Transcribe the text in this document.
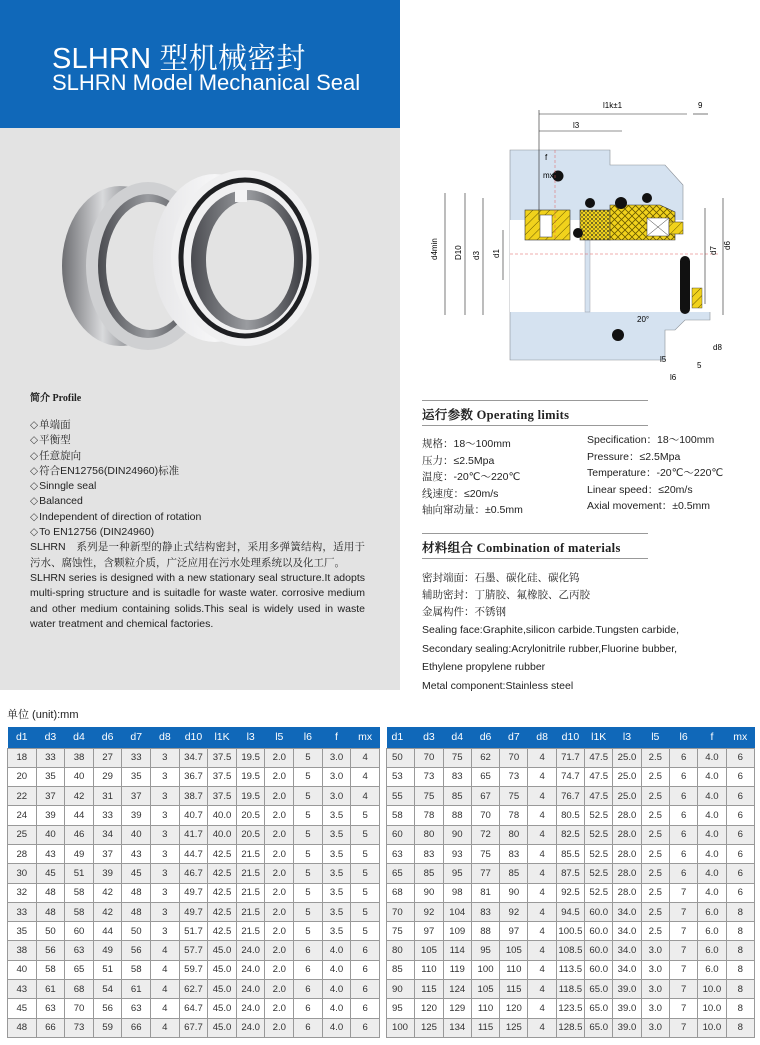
SLHRN 型机械密封
SLHRN Model Mechanical Seal
简介 Profile
◇ 单端面
◇ 平衡型
◇ 任意旋向
◇ 符合EN12756(DIN24960)标准
◇ Sinngle seal
◇ Balanced
◇ Independent of direction of rotation
◇ To EN12756 (DIN24960)
SLHRN　系列是一种新型的静止式结构密封，采用多弹簧结构，适用于污水、腐蚀性，含颗粒介质，广泛应用在污水处理系统以及化工厂。
SLHRN series is designed with a new stationary seal structure.It adopts multi-spring structure and is suitadle for waste water. corrosive medium and other medium containing solids.This seal is widely used in waste water treatment and chemical factories.
l1k±1	9
l3
f
mx
d4min D10 d3 d1
d6
d7
20°
d8
l5
5
l6
运行参数 Operating limits
规格：18～100mm
压力：≤2.5Mpa
温度：-20℃～220℃
线速度：≤20m/s
轴向窜动量：±0.5mm
Specification：18～100mm
Pressure：≤2.5Mpa
Temperature：-20℃～220℃
Linear speed：≤20m/s
Axial movement：±0.5mm
材料组合 Combination of materials
密封端面：石墨、碳化硅、碳化钨
辅助密封：丁腈胶、氟橡胶、乙丙胶
金属构件：不锈钢
Sealing face:Graphite,silicon carbide.Tungsten carbide,
Secondary sealing:Acrylonitrile rubber,Fluorine bubber,
Ethylene propylene rubber
Metal component:Stainless steel
单位 (unit):mm
d1	d3	d4	d6	d7	d8	d10	l1K	l3	l5	l6	f	mx
18	33	38	27	33	3	34.7	37.5	19.5	2.0	5	3.0	4
20	35	40	29	35	3	36.7	37.5	19.5	2.0	5	3.0	4
22	37	42	31	37	3	38.7	37.5	19.5	2.0	5	3.0	4
24	39	44	33	39	3	40.7	40.0	20.5	2.0	5	3.5	5
25	40	46	34	40	3	41.7	40.0	20.5	2.0	5	3.5	5
28	43	49	37	43	3	44.7	42.5	21.5	2.0	5	3.5	5
30	45	51	39	45	3	46.7	42.5	21.5	2.0	5	3.5	5
32	48	58	42	48	3	49.7	42.5	21.5	2.0	5	3.5	5
33	48	58	42	48	3	49.7	42.5	21.5	2.0	5	3.5	5
35	50	60	44	50	3	51.7	42.5	21.5	2.0	5	3.5	5
38	56	63	49	56	4	57.7	45.0	24.0	2.0	6	4.0	6
40	58	65	51	58	4	59.7	45.0	24.0	2.0	6	4.0	6
43	61	68	54	61	4	62.7	45.0	24.0	2.0	6	4.0	6
45	63	70	56	63	4	64.7	45.0	24.0	2.0	6	4.0	6
48	66	73	59	66	4	67.7	45.0	24.0	2.0	6	4.0	6
d1	d3	d4	d6	d7	d8	d10	l1K	l3	l5	l6	f	mx
50	70	75	62	70	4	71.7	47.5	25.0	2.5	6	4.0	6
53	73	83	65	73	4	74.7	47.5	25.0	2.5	6	4.0	6
55	75	85	67	75	4	76.7	47.5	25.0	2.5	6	4.0	6
58	78	88	70	78	4	80.5	52.5	28.0	2.5	6	4.0	6
60	80	90	72	80	4	82.5	52.5	28.0	2.5	6	4.0	6
63	83	93	75	83	4	85.5	52.5	28.0	2.5	6	4.0	6
65	85	95	77	85	4	87.5	52.5	28.0	2.5	6	4.0	6
68	90	98	81	90	4	92.5	52.5	28.0	2.5	7	4.0	6
70	92	104	83	92	4	94.5	60.0	34.0	2.5	7	6.0	8
75	97	109	88	97	4	100.5	60.0	34.0	2.5	7	6.0	8
80	105	114	95	105	4	108.5	60.0	34.0	3.0	7	6.0	8
85	110	119	100	110	4	113.5	60.0	34.0	3.0	7	6.0	8
90	115	124	105	115	4	118.5	65.0	39.0	3.0	7	10.0	8
95	120	129	110	120	4	123.5	65.0	39.0	3.0	7	10.0	8
100	125	134	115	125	4	128.5	65.0	39.0	3.0	7	10.0	8
